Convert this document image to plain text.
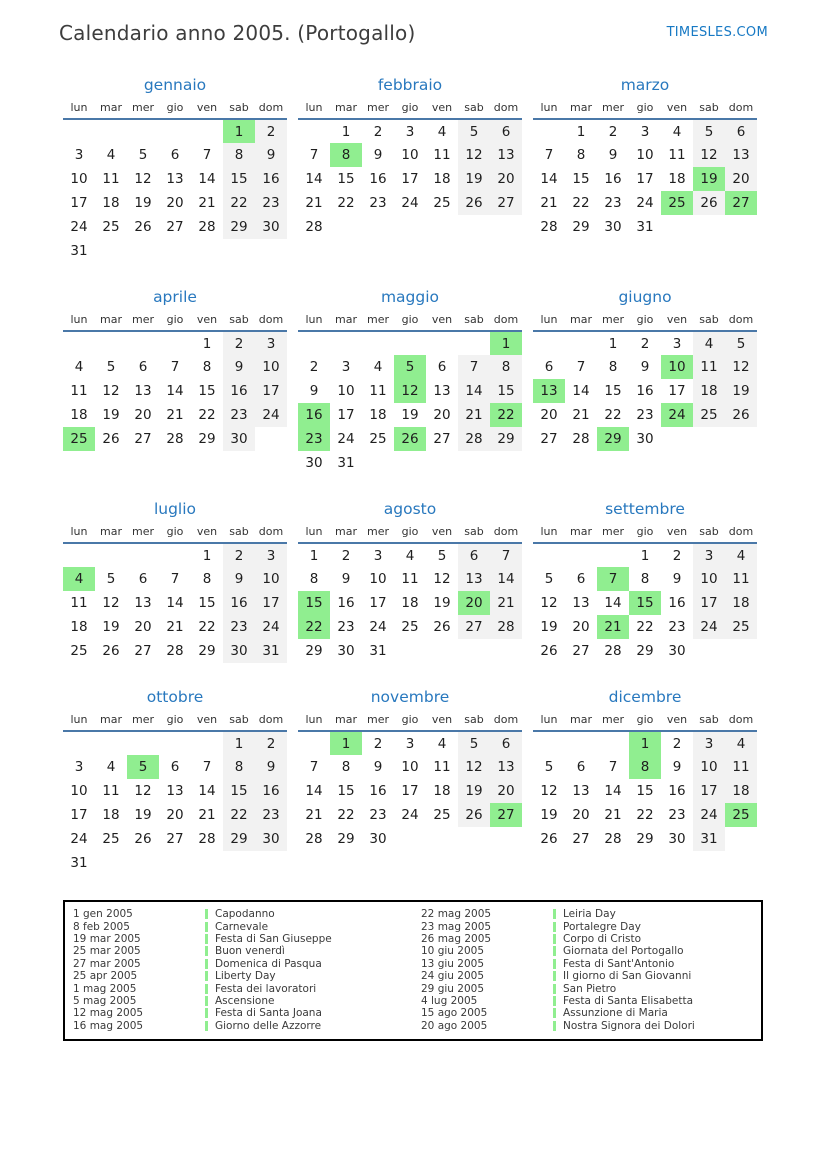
Calendario anno 2005. (Portogallo)	TIMESLES.COM
gennaio
lun	mar	mer	gio	ven	sab	dom
					1	2
3	4	5	6	7	8	9
10	11	12	13	14	15	16
17	18	19	20	21	22	23
24	25	26	27	28	29	30
31						
febbraio
lun	mar	mer	gio	ven	sab	dom
	1	2	3	4	5	6
7	8	9	10	11	12	13
14	15	16	17	18	19	20
21	22	23	24	25	26	27
28						
marzo
lun	mar	mer	gio	ven	sab	dom
	1	2	3	4	5	6
7	8	9	10	11	12	13
14	15	16	17	18	19	20
21	22	23	24	25	26	27
28	29	30	31			
aprile
lun	mar	mer	gio	ven	sab	dom
				1	2	3
4	5	6	7	8	9	10
11	12	13	14	15	16	17
18	19	20	21	22	23	24
25	26	27	28	29	30	
maggio
lun	mar	mer	gio	ven	sab	dom
						1
2	3	4	5	6	7	8
9	10	11	12	13	14	15
16	17	18	19	20	21	22
23	24	25	26	27	28	29
30	31					
giugno
lun	mar	mer	gio	ven	sab	dom
		1	2	3	4	5
6	7	8	9	10	11	12
13	14	15	16	17	18	19
20	21	22	23	24	25	26
27	28	29	30			
luglio
lun	mar	mer	gio	ven	sab	dom
				1	2	3
4	5	6	7	8	9	10
11	12	13	14	15	16	17
18	19	20	21	22	23	24
25	26	27	28	29	30	31
agosto
lun	mar	mer	gio	ven	sab	dom
1	2	3	4	5	6	7
8	9	10	11	12	13	14
15	16	17	18	19	20	21
22	23	24	25	26	27	28
29	30	31				
settembre
lun	mar	mer	gio	ven	sab	dom
			1	2	3	4
5	6	7	8	9	10	11
12	13	14	15	16	17	18
19	20	21	22	23	24	25
26	27	28	29	30		
ottobre
lun	mar	mer	gio	ven	sab	dom
					1	2
3	4	5	6	7	8	9
10	11	12	13	14	15	16
17	18	19	20	21	22	23
24	25	26	27	28	29	30
31						
novembre
lun	mar	mer	gio	ven	sab	dom
	1	2	3	4	5	6
7	8	9	10	11	12	13
14	15	16	17	18	19	20
21	22	23	24	25	26	27
28	29	30				
dicembre
lun	mar	mer	gio	ven	sab	dom
			1	2	3	4
5	6	7	8	9	10	11
12	13	14	15	16	17	18
19	20	21	22	23	24	25
26	27	28	29	30	31	
1 gen 2005	Capodanno
8 feb 2005	Carnevale
19 mar 2005	Festa di San Giuseppe
25 mar 2005	Buon venerdì
27 mar 2005	Domenica di Pasqua
25 apr 2005	Liberty Day
1 mag 2005	Festa dei lavoratori
5 mag 2005	Ascensione
12 mag 2005	Festa di Santa Joana
16 mag 2005	Giorno delle Azzorre
22 mag 2005	Leiria Day
23 mag 2005	Portalegre Day
26 mag 2005	Corpo di Cristo
10 giu 2005	Giornata del Portogallo
13 giu 2005	Festa di Sant'Antonio
24 giu 2005	Il giorno di San Giovanni
29 giu 2005	San Pietro
4 lug 2005	Festa di Santa Elisabetta
15 ago 2005	Assunzione di Maria
20 ago 2005	Nostra Signora dei Dolori
